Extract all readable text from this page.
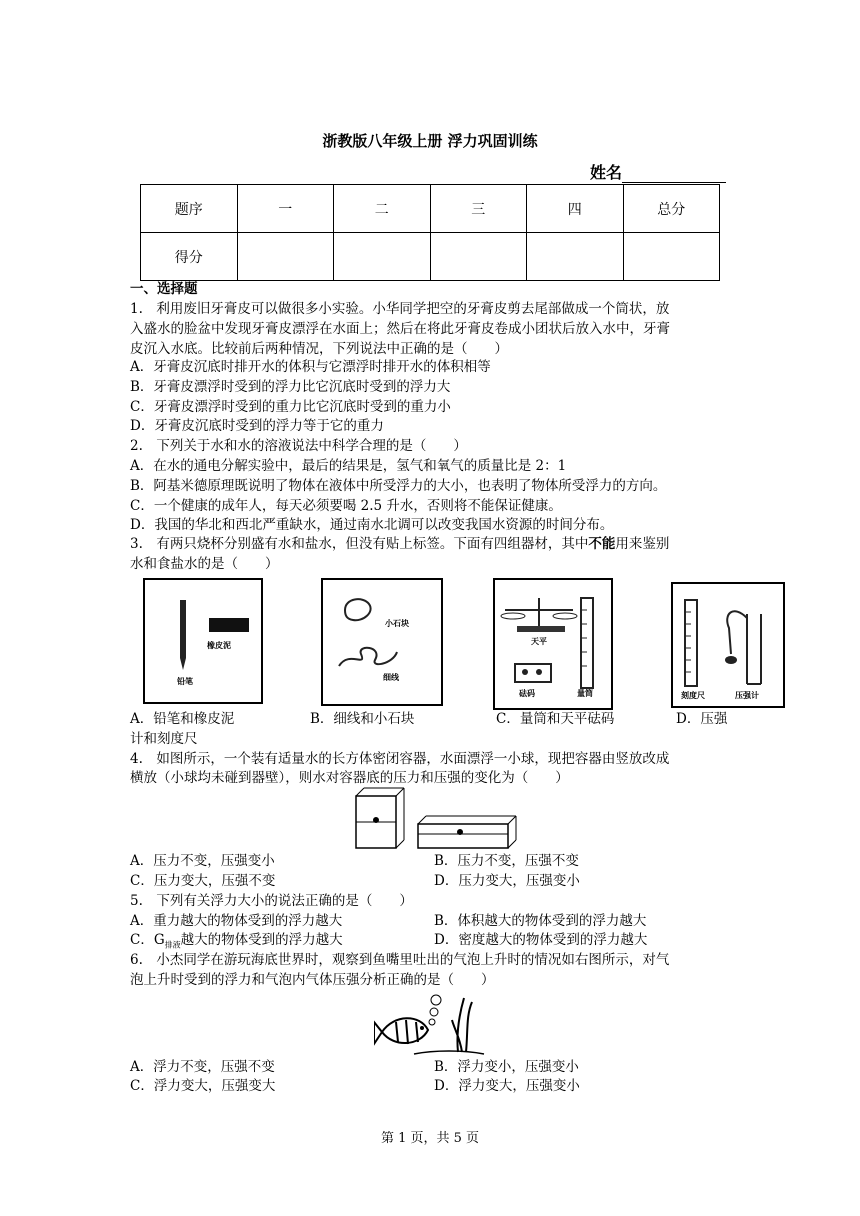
浙教版八年级上册 浮力巩固训练
姓名
题序	一	二	三	四	总分
得分					
一、选择题
1.　利用废旧牙膏皮可以做很多小实验。小华同学把空的牙膏皮剪去尾部做成一个筒状，放
入盛水的脸盆中发现牙膏皮漂浮在水面上；然后在将此牙膏皮卷成小团状后放入水中，牙膏
皮沉入水底。比较前后两种情况，下列说法中正确的是（　　）
A．牙膏皮沉底时排开水的体积与它漂浮时排开水的体积相等
B．牙膏皮漂浮时受到的浮力比它沉底时受到的浮力大
C．牙膏皮漂浮时受到的重力比它沉底时受到的重力小
D．牙膏皮沉底时受到的浮力等于它的重力
2.　下列关于水和水的溶液说法中科学合理的是（　　）
A．在水的通电分解实验中，最后的结果是，氢气和氧气的质量比是 2：1
B．阿基米德原理既说明了物体在液体中所受浮力的大小，也表明了物体所受浮力的方向。
C．一个健康的成年人，每天必须要喝 2.5 升水，否则将不能保证健康。
D．我国的华北和西北严重缺水，通过南水北调可以改变我国水资源的时间分布。
3.　有两只烧杯分别盛有水和盐水，但没有贴上标签。下面有四组器材，其中不能用来鉴别
水和食盐水的是（　　）
橡皮泥
铅笔
小石块
细线
天平
砝码	量筒	刻度尺	压强计
A．铅笔和橡皮泥	B．细线和小石块	C．量筒和天平砝码	D．压强
计和刻度尺
4.　如图所示，一个装有适量水的长方体密闭容器，水面漂浮一小球，现把容器由竖放改成
横放（小球均未碰到器壁），则水对容器底的压力和压强的变化为（　　）
A．压力不变，压强变小	B．压力不变，压强不变
C．压力变大，压强不变	D．压力变大，压强变小
5.　下列有关浮力大小的说法正确的是（　　）
A．重力越大的物体受到的浮力越大	B．体积越大的物体受到的浮力越大
C．$G_{排液}$越大的物体受到的浮力越大	D．密度越大的物体受到的浮力越大
6.　小杰同学在游玩海底世界时，观察到鱼嘴里吐出的气泡上升时的情况如右图所示，对气
泡上升时受到的浮力和气泡内气体压强分析正确的是（　　）
A．浮力不变，压强不变	B．浮力变小，压强变小
C．浮力变大，压强变大	D．浮力变大，压强变小
第 1 页，共 5 页
